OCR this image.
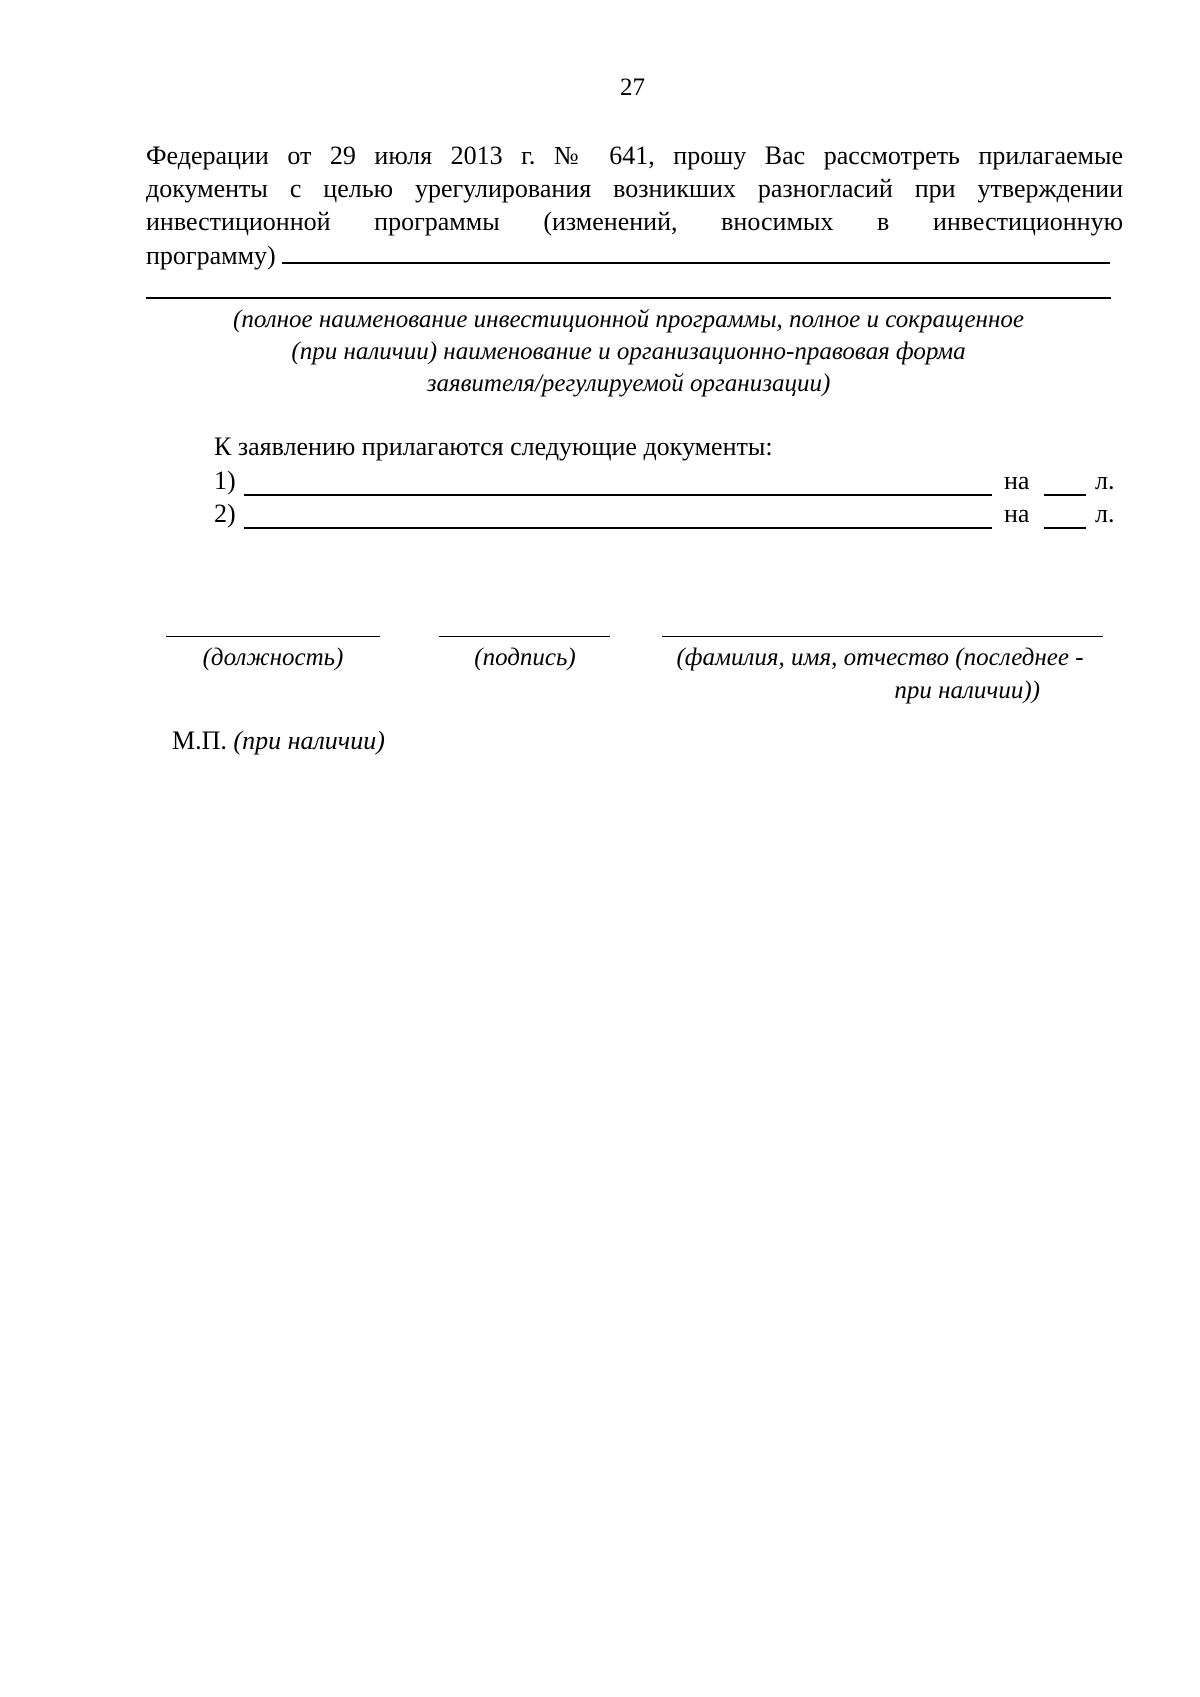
27
Федерации от 29 июля 2013 г. № 641, прошу Вас рассмотреть прилагаемые
документы с целью урегулирования возникших разногласий при утверждении
инвестиционной программы (изменений, вносимых в инвестиционную
программу)
(полное наименование инвестиционной программы, полное и сокращенное
(при наличии) наименование и организационно-правовая форма
заявителя/регулируемой организации)
К заявлению прилагаются следующие документы:
1)	на	л.
2)	на	л.
(должность)	(подпись)	(фамилия, имя, отчество (последнее -
при наличии))
М.П. (при наличии)
